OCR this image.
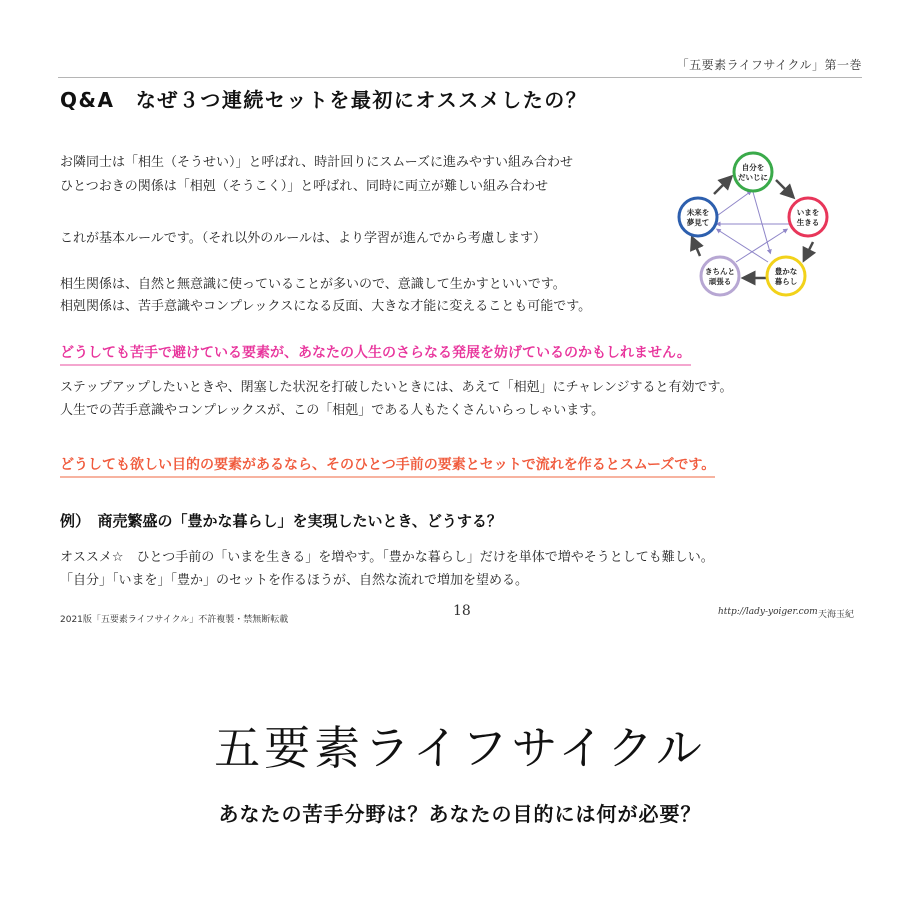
「五要素ライフサイクル」第一巻
Q&A　なぜ３つ連続セットを最初にオススメしたの？
お隣同士は「相生（そうせい）」と呼ばれ、時計回りにスムーズに進みやすい組み合わせ
ひとつおきの関係は「相剋（そうこく）」と呼ばれ、同時に両立が難しい組み合わせ
これが基本ルールです。（それ以外のルールは、より学習が進んでから考慮します）
相生関係は、自然と無意識に使っていることが多いので、意識して生かすといいです。
相剋関係は、苦手意識やコンプレックスになる反面、大きな才能に変えることも可能です。
どうしても苦手で避けている要素が、あなたの人生のさらなる発展を妨げているのかもしれません。
ステップアップしたいときや、閉塞した状況を打破したいときには、あえて「相剋」にチャレンジすると有効です。
人生での苦手意識やコンプレックスが、この「相剋」である人もたくさんいらっしゃいます。
どうしても欲しい目的の要素があるなら、そのひとつ手前の要素とセットで流れを作るとスムーズです。
例）　商売繁盛の「豊かな暮らし」を実現したいとき、どうする？
オススメ☆　ひとつ手前の「いまを生きる」を増やす。「豊かな暮らし」だけを単体で増やそうとしても難しい。
「自分」「いまを」「豊か」のセットを作るほうが、自然な流れで増加を望める。
自分を
だいじに
いまを
生きる
豊かな
暮らし
きちんと
頑張る
未来を
夢見て
2021版「五要素ライフサイクル」不許複製・禁無断転載
18	http://lady-yoiger.com 天海玉紀
五要素ライフサイクル
あなたの苦手分野は？あなたの目的には何が必要？
